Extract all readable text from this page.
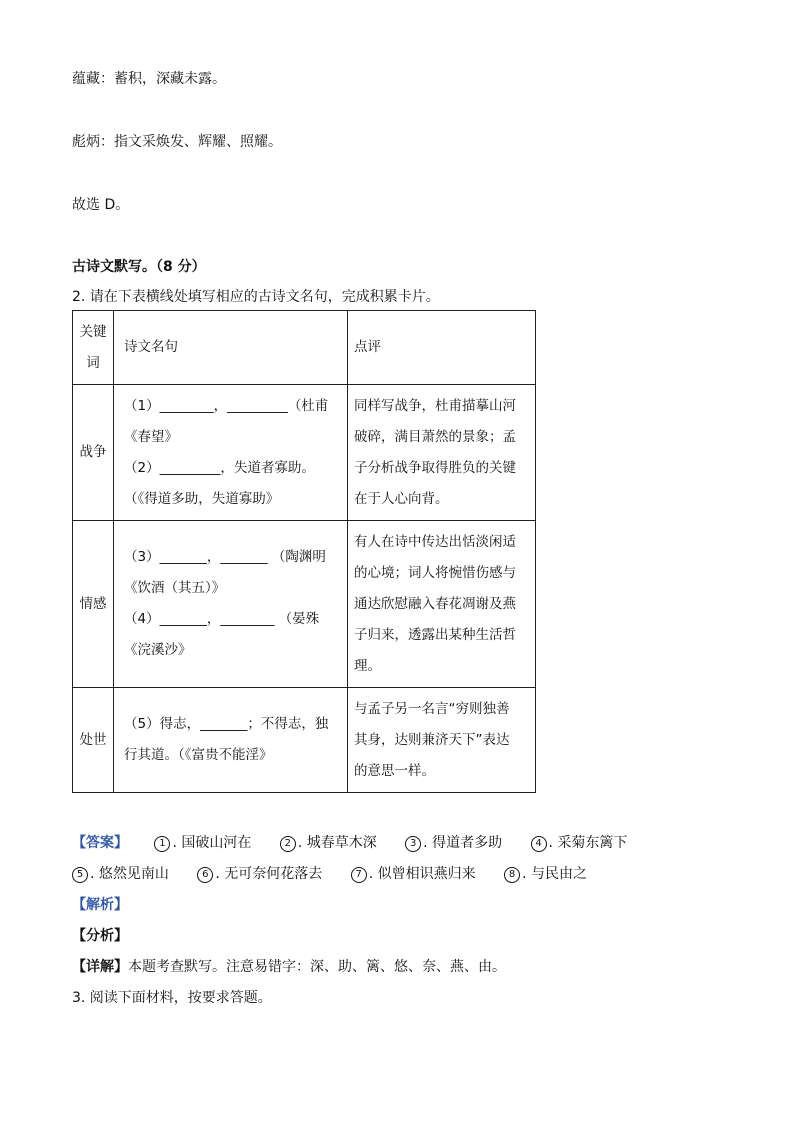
蕴藏：蓄积，深藏未露。
彪炳：指文采焕发、辉耀、照耀。
故选 D。
古诗文默写。（8 分）
2. 请在下表横线处填写相应的古诗文名句，完成积累卡片。
关键词	诗文名句	点评
战争	（1）________，_________（杜甫
《春望》
（2）_________，失道者寡助。
（《得道多助，失道寡助》	同样写战争，杜甫描摹山河
破碎，满目萧然的景象；孟
子分析战争取得胜负的关键
在于人心向背。

情感	（3）_______，_______ （陶渊明
《饮酒（其五）》
（4）_______，________ （晏殊
《浣溪沙》	有人在诗中传达出恬淡闲适
的心境；词人将惋惜伤感与
通达欣慰融入春花凋谢及燕
子归来，透露出某种生活哲
理。

处世	（5）得志，_______；不得志，独
行其道。（《富贵不能淫》	与孟子另一名言“穷则独善
其身，达则兼济天下”表达
的意思一样。
【答案】	1 . 国破山河在	2 . 城春草木深	3 . 得道者多助	4 . 采菊东篱下
5 . 悠然见南山	6 . 无可奈何花落去	7 . 似曾相识燕归来	8 . 与民由之
【解析】
【分析】
【详解】本题考查默写。注意易错字：深、助、篱、悠、奈、燕、由。
3. 阅读下面材料，按要求答题。
